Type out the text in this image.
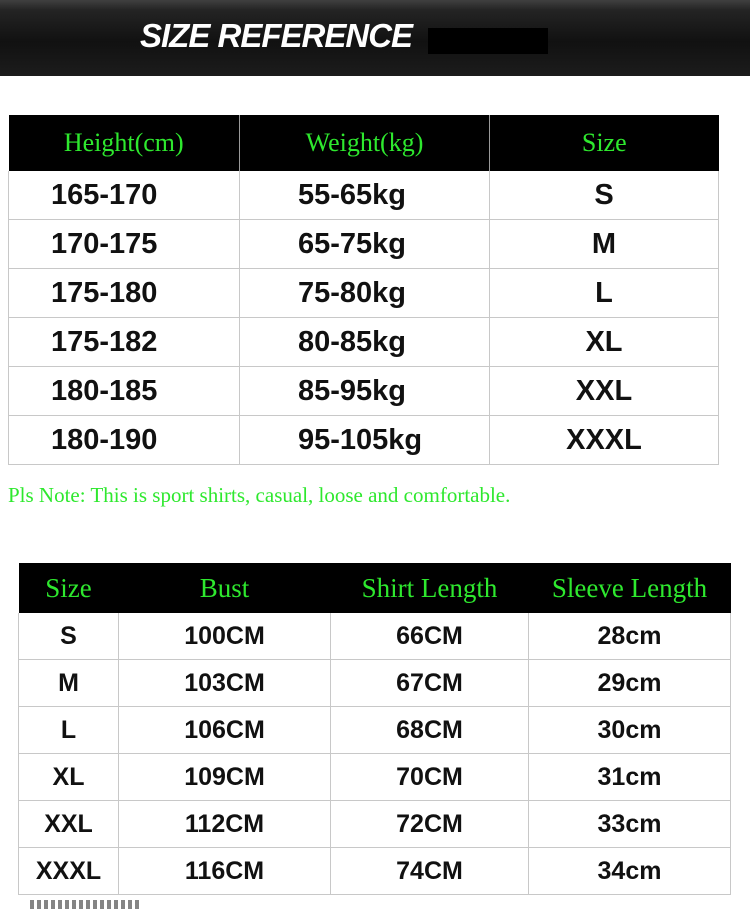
SIZE REFERENCE
Height(cm)	Weight(kg)	Size
165-170	55-65kg	S
170-175	65-75kg	M
175-180	75-80kg	L
175-182	80-85kg	XL
180-185	85-95kg	XXL
180-190	95-105kg	XXXL
Pls Note: This is sport shirts, casual, loose and comfortable.
Size	Bust	Shirt Length	Sleeve Length
S	100CM	66CM	28cm
M	103CM	67CM	29cm
L	106CM	68CM	30cm
XL	109CM	70CM	31cm
XXL	112CM	72CM	33cm
XXXL	116CM	74CM	34cm
